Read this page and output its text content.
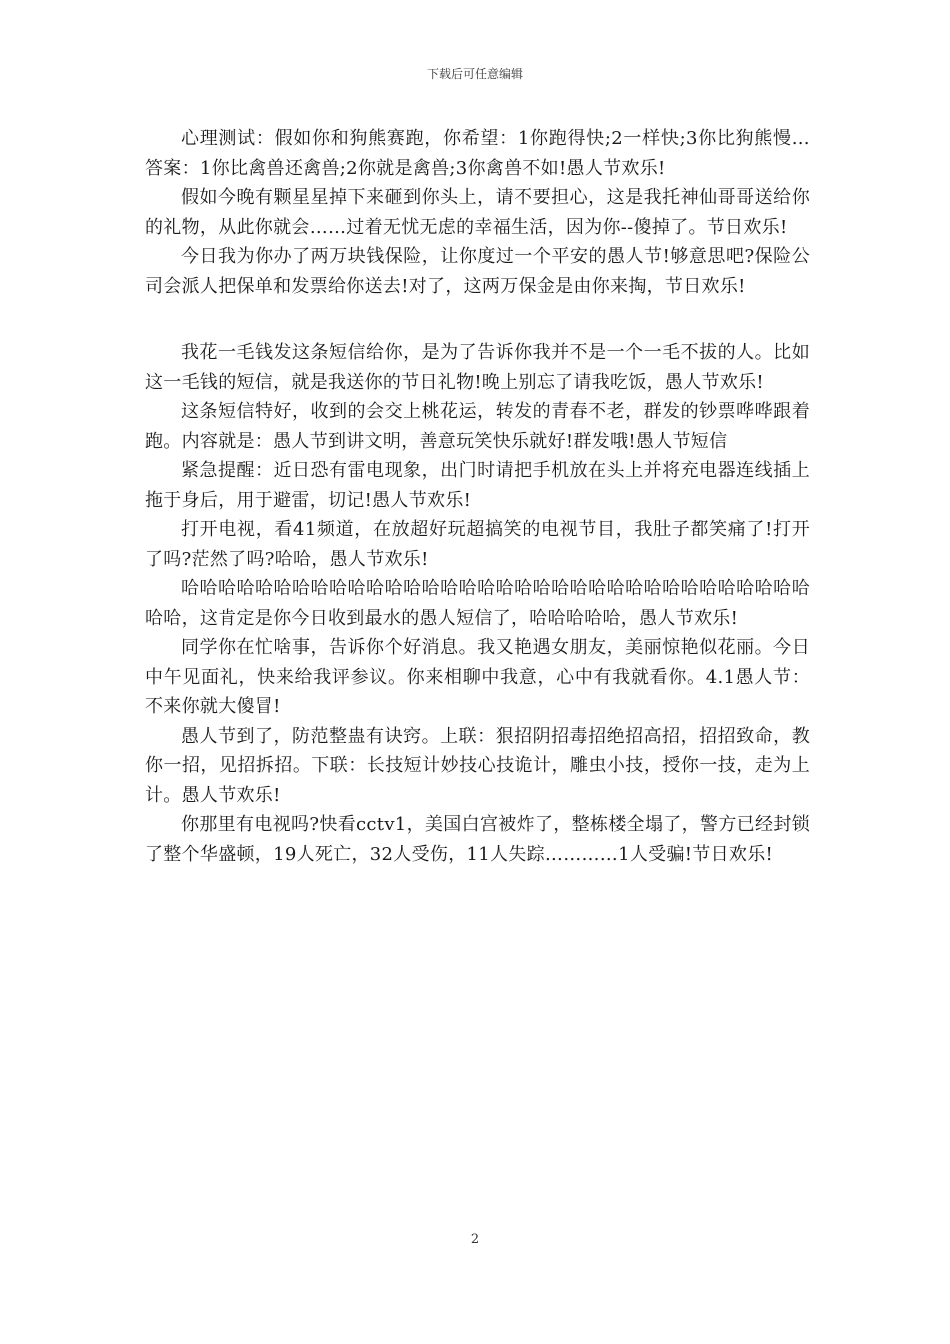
下载后可任意编辑

心理测试：假如你和狗熊赛跑，你希望：1你跑得快;2一样快;3你比狗熊慢…答案：1你比禽兽还禽兽;2你就是禽兽;3你禽兽不如!愚人节欢乐!

假如今晚有颗星星掉下来砸到你头上，请不要担心，这是我托神仙哥哥送给你的礼物，从此你就会……过着无忧无虑的幸福生活，因为你--傻掉了。节日欢乐!

今日我为你办了两万块钱保险，让你度过一个平安的愚人节!够意思吧?保险公司会派人把保单和发票给你送去!对了，这两万保金是由你来掏，节日欢乐!

我花一毛钱发这条短信给你，是为了告诉你我并不是一个一毛不拔的人。比如这一毛钱的短信，就是我送你的节日礼物!晚上别忘了请我吃饭，愚人节欢乐!

这条短信特好，收到的会交上桃花运，转发的青春不老，群发的钞票哗哗跟着跑。内容就是：愚人节到讲文明，善意玩笑快乐就好!群发哦!愚人节短信

紧急提醒：近日恐有雷电现象，出门时请把手机放在头上并将充电器连线插上拖于身后，用于避雷，切记!愚人节欢乐!

打开电视，看41频道，在放超好玩超搞笑的电视节目，我肚子都笑痛了!打开了吗?茫然了吗?哈哈，愚人节欢乐!

哈哈哈哈哈哈哈哈哈哈哈哈哈哈哈哈哈哈哈哈哈哈哈哈哈哈哈哈哈哈哈哈哈哈哈哈，这肯定是你今日收到最水的愚人短信了，哈哈哈哈哈，愚人节欢乐!

同学你在忙啥事，告诉你个好消息。我又艳遇女朋友，美丽惊艳似花丽。今日中午见面礼，快来给我评参议。你来相聊中我意，心中有我就看你。4.1愚人节：不来你就大傻冒!

愚人节到了，防范整蛊有诀窍。上联：狠招阴招毒招绝招高招，招招致命，教你一招，见招拆招。下联：长技短计妙技心技诡计，雕虫小技，授你一技，走为上计。愚人节欢乐!

你那里有电视吗?快看cctv1，美国白宫被炸了，整栋楼全塌了，警方已经封锁了整个华盛顿，19人死亡，32人受伤，11人失踪…………1人受骗!节日欢乐!

2
